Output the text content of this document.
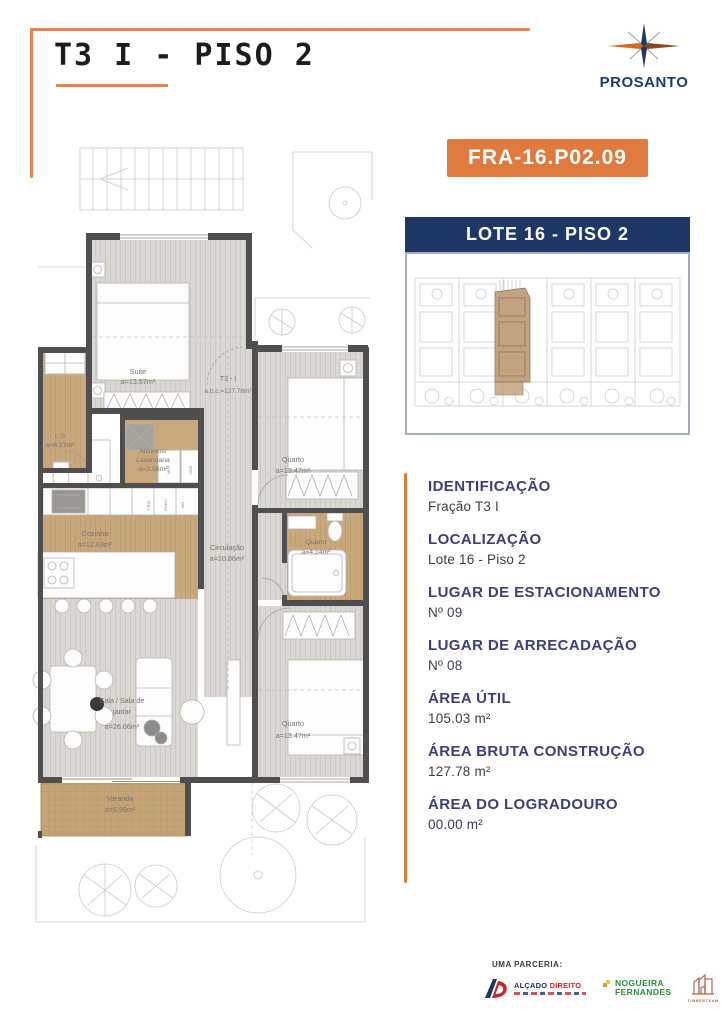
T3 I - PISO 2
PROSANTO
FRA-16.P02.09
LOTE 16 - PISO 2
IDENTIFICAÇÃO
Fração T3 I
LOCALIZAÇÃO
Lote 16 - Piso 2
LUGAR DE ESTACIONAMENTO
Nº 09
LUGAR DE ARRECADAÇÃO
Nº 08
ÁREA ÚTIL
105.03 m²
ÁREA BRUTA CONSTRUÇÃO
127.78 m²
ÁREA DO LOGRADOURO
00.00 m²
Suite
a=13.57m²
I. S
a=6.27m²
Arrumos/
Lavandaria
a=3.96m²
Cozinha
a=12.63m²	Circulação
a=10.86m²
Quarto
a=13.47m²
Quarto
a=4.14m²
Quarto
a=13.47m²
Sala / Sala de
jantar
a=26.66m²
Varanda
a=6.99m²
T3 - I
a.b.c.=127.78m²
FRIG	FORN	MO
MLR	MSR
UMA PARCERIA:
ALÇADO DIREITO	NOGUEIRA
FERNANDES
TIMBERTEAM
